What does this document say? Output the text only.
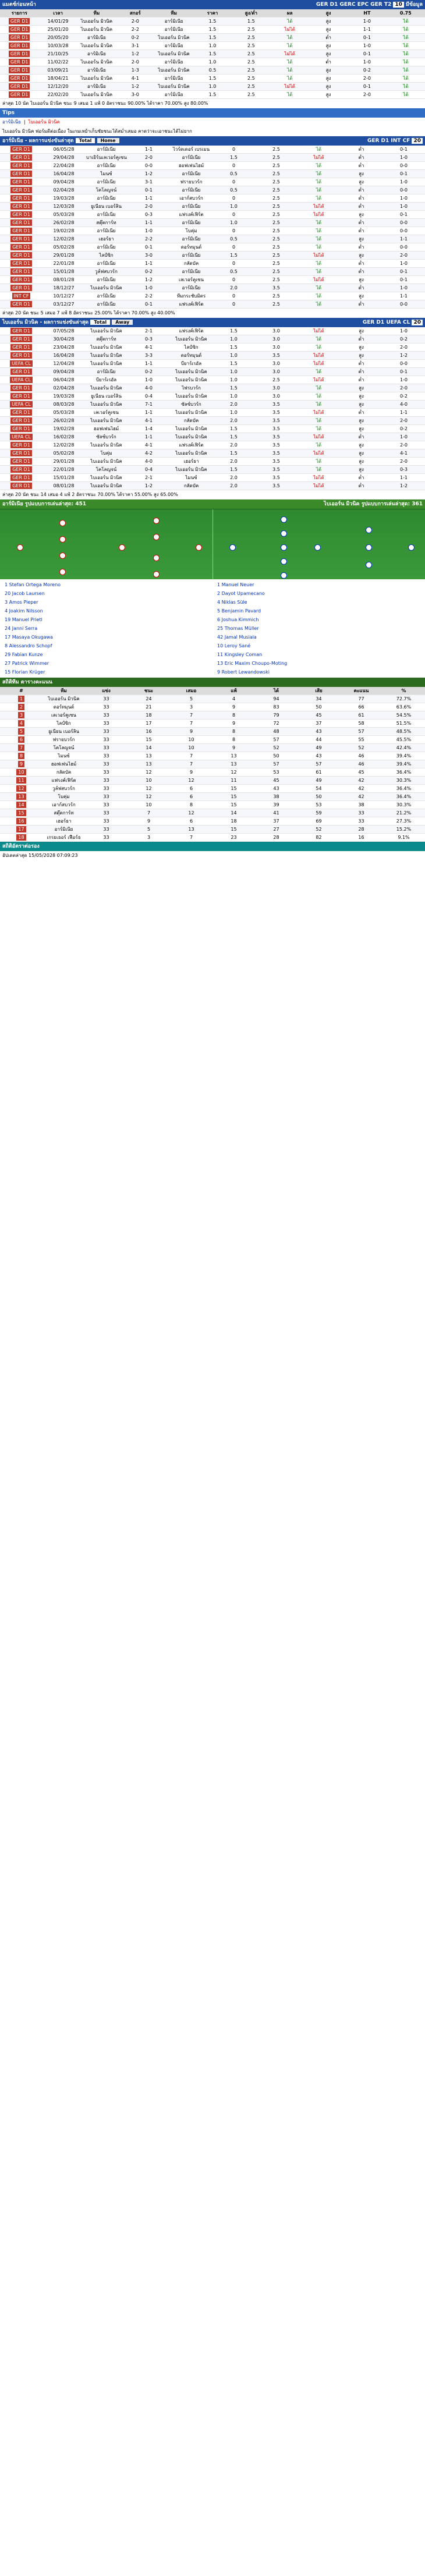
แมตช์ก่อนหน้า	GER D1 GERC EPC GER T2 10 มีข้อมูล
รายการ	เวลา	ทีม	สกอร์	ทีม	ราคา	สูง/ต่ำ	ผล	สูง	HT	0.75
GER D1	14/01/29	ไบเออร์น มิวนิค	2-0	อาร์มิเนีย	1.5	1.5	ได้	สูง	1-0	ได้
GER D1	25/01/20	ไบเออร์น มิวนิค	2-2	อาร์มิเนีย	1.5	2.5	ไม่ได้	สูง	1-1	ได้
GER D1	20/05/20	อาร์มิเนีย	0-2	ไบเออร์น มิวนิค	1.5	2.5	ได้	ต่ำ	0-1	ได้
GER D1	10/03/28	ไบเออร์น มิวนิค	3-1	อาร์มิเนีย	1.0	2.5	ได้	สูง	1-0	ได้
GER D1	21/10/25	อาร์มิเนีย	1-2	ไบเออร์น มิวนิค	1.5	2.5	ไม่ได้	สูง	0-1	ได้
GER D1	11/02/22	ไบเออร์น มิวนิค	2-0	อาร์มิเนีย	1.0	2.5	ได้	ต่ำ	1-0	ได้
GER D1	03/09/21	อาร์มิเนีย	1-3	ไบเออร์น มิวนิค	0.5	2.5	ได้	สูง	0-2	ได้
GER D1	18/04/21	ไบเออร์น มิวนิค	4-1	อาร์มิเนีย	1.5	2.5	ได้	สูง	2-0	ได้
GER D1	12/12/20	อาร์มิเนีย	1-2	ไบเออร์น มิวนิค	1.0	2.5	ไม่ได้	สูง	0-1	ได้
GER D1	22/02/20	ไบเออร์น มิวนิค	3-0	อาร์มิเนีย	1.5	2.5	ได้	สูง	2-0	ได้
ล่าสุด 10 นัด ไบเออร์น มิวนิค ชนะ 9 เสมอ 1 แพ้ 0 อัตราชนะ 90.00% ได้ราคา 70.00% สูง 80.00%
Tips
อาร์มิเนีย  |  ไบเออร์น มิวนิค
ไบเออร์น มิวนิค ฟอร์มดีต่อเนื่อง ในเกมเหย้าเก็บชัยชนะได้สม่ำเสมอ คาดว่าจะเอาชนะได้ไม่ยาก
อาร์มิเนีย - ผลการแข่งขันล่าสุด Total Home	GER D1 INT CF 20
GER D1	06/05/28	อาร์มิเนีย	1-1	ไวร์ดเดอร์ เบรเมน	0	2.5	ได้	ต่ำ	0-1
GER D1	29/04/28	บาเยิร์นเลเวอร์คูเซน	2-0	อาร์มิเนีย	1.5	2.5	ไม่ได้	ต่ำ	1-0
GER D1	22/04/28	อาร์มิเนีย	0-0	ฮอฟเฟนไฮม์	0	2.5	ได้	ต่ำ	0-0
GER D1	16/04/28	ไมนซ์	1-2	อาร์มิเนีย	0.5	2.5	ได้	สูง	0-1
GER D1	09/04/28	อาร์มิเนีย	3-1	ฟรายบวร์ก	0	2.5	ได้	สูง	1-0
GER D1	02/04/28	โคโลญจน์	0-1	อาร์มิเนีย	0.5	2.5	ได้	ต่ำ	0-0
GER D1	19/03/28	อาร์มิเนีย	1-1	เอาก์สบวร์ก	0	2.5	ได้	ต่ำ	1-0
GER D1	12/03/28	ยูเนียน เบอร์ลิน	2-0	อาร์มิเนีย	1.0	2.5	ไม่ได้	ต่ำ	1-0
GER D1	05/03/28	อาร์มิเนีย	0-3	แฟรงค์เฟิร์ต	0	2.5	ไม่ได้	สูง	0-1
GER D1	26/02/28	สตุ๊ตการ์ท	1-1	อาร์มิเนีย	1.0	2.5	ได้	ต่ำ	0-0
GER D1	19/02/28	อาร์มิเนีย	1-0	โบคุ่ม	0	2.5	ได้	ต่ำ	0-0
GER D1	12/02/28	เฮอร์ธา	2-2	อาร์มิเนีย	0.5	2.5	ได้	สูง	1-1
GER D1	05/02/28	อาร์มิเนีย	0-1	ดอร์ทมุนด์	0	2.5	ได้	ต่ำ	0-0
GER D1	29/01/28	ไลป์ซิก	3-0	อาร์มิเนีย	1.5	2.5	ไม่ได้	สูง	2-0
GER D1	22/01/28	อาร์มิเนีย	1-1	กลัดบัค	0	2.5	ได้	ต่ำ	1-0
GER D1	15/01/28	วูล์ฟสบวร์ก	0-2	อาร์มิเนีย	0.5	2.5	ได้	ต่ำ	0-1
GER D1	08/01/28	อาร์มิเนีย	1-2	เลเวอร์คูเซน	0	2.5	ไม่ได้	สูง	0-1
GER D1	18/12/27	ไบเออร์น มิวนิค	1-0	อาร์มิเนีย	2.0	3.5	ได้	ต่ำ	1-0
INT CF	10/12/27	อาร์มิเนีย	2-2	ทีมกระชับมิตร	0	2.5	ได้	สูง	1-1
GER D1	03/12/27	อาร์มิเนีย	0-1	แฟรงค์เฟิร์ต	0	2.5	ได้	ต่ำ	0-0
ล่าสุด 20 นัด ชนะ 5 เสมอ 7 แพ้ 8 อัตราชนะ 25.00% ได้ราคา 70.00% สูง 40.00%
ไบเออร์น มิวนิค - ผลการแข่งขันล่าสุด Total Away	GER D1 UEFA CL 20
GER D1	07/05/28	ไบเออร์น มิวนิค	2-1	แฟรงค์เฟิร์ต	1.5	3.0	ไม่ได้	สูง	1-0
GER D1	30/04/28	สตุ๊ตการ์ท	0-3	ไบเออร์น มิวนิค	1.0	3.0	ได้	ต่ำ	0-2
GER D1	23/04/28	ไบเออร์น มิวนิค	4-1	ไลป์ซิก	1.5	3.0	ได้	สูง	2-0
GER D1	16/04/28	ไบเออร์น มิวนิค	3-3	ดอร์ทมุนด์	1.0	3.5	ไม่ได้	สูง	1-2
UEFA CL	12/04/28	ไบเออร์น มิวนิค	1-1	บียาร์เรอัล	1.5	3.0	ไม่ได้	ต่ำ	0-0
GER D1	09/04/28	อาร์มิเนีย	0-2	ไบเออร์น มิวนิค	1.0	3.0	ได้	ต่ำ	0-1
UEFA CL	06/04/28	บียาร์เรอัล	1-0	ไบเออร์น มิวนิค	1.0	2.5	ไม่ได้	ต่ำ	1-0
GER D1	02/04/28	ไบเออร์น มิวนิค	4-0	ไฟรบวร์ก	1.5	3.0	ได้	สูง	2-0
GER D1	19/03/28	ยูเนียน เบอร์ลิน	0-4	ไบเออร์น มิวนิค	1.0	3.0	ได้	สูง	0-2
UEFA CL	08/03/28	ไบเออร์น มิวนิค	7-1	ซัลซ์บวร์ก	2.0	3.5	ได้	สูง	4-0
GER D1	05/03/28	เลเวอร์คูเซน	1-1	ไบเออร์น มิวนิค	1.0	3.5	ไม่ได้	ต่ำ	1-1
GER D1	26/02/28	ไบเออร์น มิวนิค	4-1	กลัดบัค	2.0	3.5	ได้	สูง	2-0
GER D1	19/02/28	ฮอฟเฟนไฮม์	1-4	ไบเออร์น มิวนิค	1.5	3.5	ได้	สูง	0-2
UEFA CL	16/02/28	ซัลซ์บวร์ก	1-1	ไบเออร์น มิวนิค	1.5	3.5	ไม่ได้	ต่ำ	1-0
GER D1	12/02/28	ไบเออร์น มิวนิค	4-1	แฟรงค์เฟิร์ต	2.0	3.5	ได้	สูง	2-0
GER D1	05/02/28	โบคุ่ม	4-2	ไบเออร์น มิวนิค	1.5	3.5	ไม่ได้	สูง	4-1
GER D1	29/01/28	ไบเออร์น มิวนิค	4-0	เฮอร์ธา	2.0	3.5	ได้	สูง	2-0
GER D1	22/01/28	โคโลญจน์	0-4	ไบเออร์น มิวนิค	1.5	3.5	ได้	สูง	0-3
GER D1	15/01/28	ไบเออร์น มิวนิค	2-1	ไมนซ์	2.0	3.5	ไม่ได้	ต่ำ	1-1
GER D1	08/01/28	ไบเออร์น มิวนิค	1-2	กลัดบัค	2.0	3.5	ไม่ได้	ต่ำ	1-2
ล่าสุด 20 นัด ชนะ 14 เสมอ 4 แพ้ 2 อัตราชนะ 70.00% ได้ราคา 55.00% สูง 65.00%
อาร์มิเนีย รูปแบบการเล่นล่าสุด: 451	ไบเออร์น มิวนิค รูปแบบการเล่นล่าสุด: 361
1 Stefan Ortega Moreno
20 Jacob Laursen
3 Amos Pieper
4 Joakim Nilsson
19 Manuel Prietl
24 Janni Serra
17 Masaya Okugawa
8 Alessandro Schopf
29 Fabian Kunze
27 Patrick Wimmer
15 Florian Krüger
1 Manuel Neuer
2 Dayot Upamecano
4 Niklas Süle
5 Benjamin Pavard
6 Joshua Kimmich
25 Thomas Müller
42 Jamal Musiala
10 Leroy Sané
11 Kingsley Coman
13 Eric Maxim Choupo-Moting
9 Robert Lewandowski
สถิติทีม ตารางคะแนน
#	ทีม	แข่ง	ชนะ	เสมอ	แพ้	ได้	เสีย	คะแนน	%
1	ไบเออร์น มิวนิค	33	24	5	4	94	34	77	72.7%
2	ดอร์ทมุนด์	33	21	3	9	83	50	66	63.6%
3	เลเวอร์คูเซน	33	18	7	8	79	45	61	54.5%
4	ไลป์ซิก	33	17	7	9	72	37	58	51.5%
5	ยูเนียน เบอร์ลิน	33	16	9	8	48	43	57	48.5%
6	ฟรายบวร์ก	33	15	10	8	57	44	55	45.5%
7	โคโลญจน์	33	14	10	9	52	49	52	42.4%
8	ไมนซ์	33	13	7	13	50	43	46	39.4%
9	ฮอฟเฟนไฮม์	33	13	7	13	57	57	46	39.4%
10	กลัดบัค	33	12	9	12	53	61	45	36.4%
11	แฟรงค์เฟิร์ต	33	10	12	11	45	49	42	30.3%
12	วูล์ฟสบวร์ก	33	12	6	15	43	54	42	36.4%
13	โบคุ่ม	33	12	6	15	38	50	42	36.4%
14	เอาก์สบวร์ก	33	10	8	15	39	53	38	30.3%
15	สตุ๊ตการ์ท	33	7	12	14	41	59	33	21.2%
16	เฮอร์ธา	33	9	6	18	37	69	33	27.3%
17	อาร์มิเนีย	33	5	13	15	27	52	28	15.2%
18	เกรยเธอร์ เฟือร์ธ	33	3	7	23	28	82	16	9.1%
สถิติอัตราต่อรอง
อัปเดตล่าสุด 15/05/2028 07:09:23
